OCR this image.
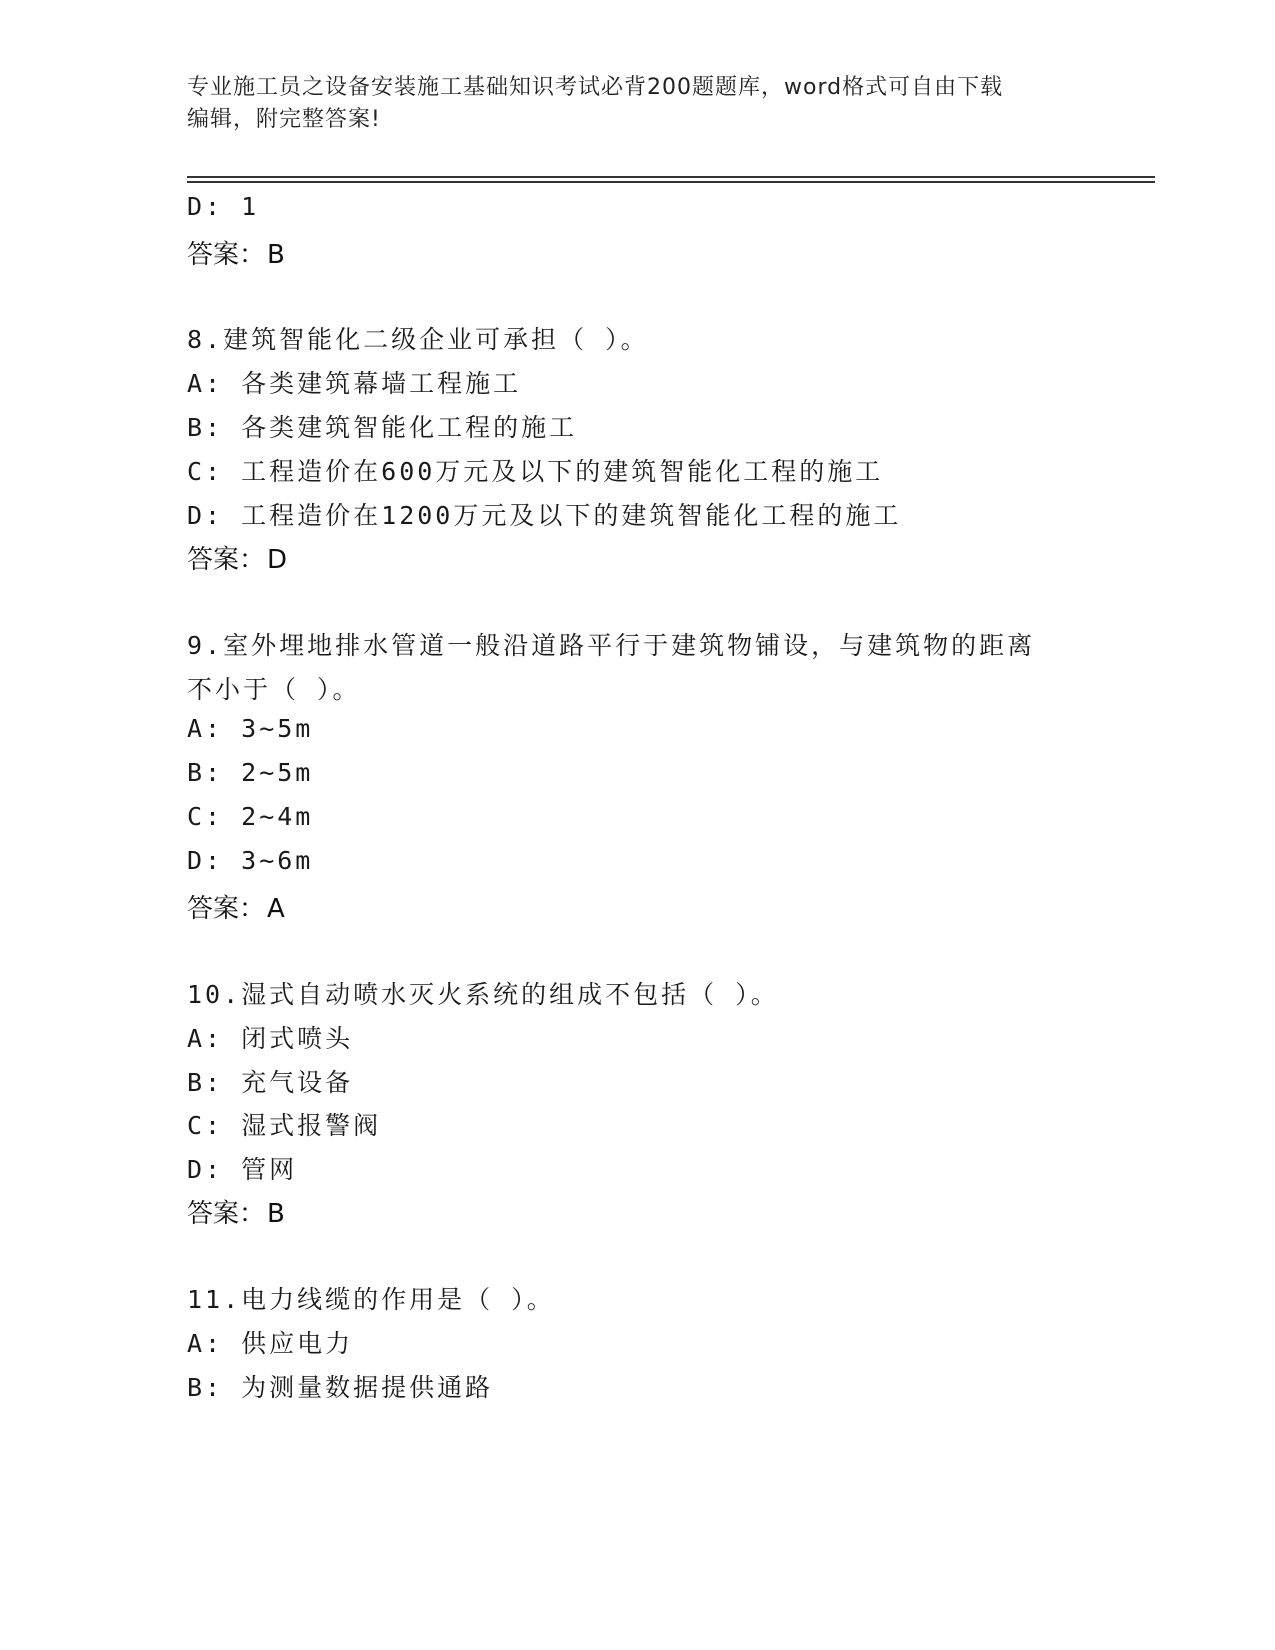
专业施工员之设备安装施工基础知识考试必背200题题库，word格式可自由下载
编辑，附完整答案!
D: 1
答案：B
8.建筑智能化二级企业可承担（ ）。
A: 各类建筑幕墙工程施工
B: 各类建筑智能化工程的施工
C: 工程造价在600万元及以下的建筑智能化工程的施工
D: 工程造价在1200万元及以下的建筑智能化工程的施工
答案：D
9.室外埋地排水管道一般沿道路平行于建筑物铺设，与建筑物的距离
不小于（ ）。
A: 3~5m
B: 2~5m
C: 2~4m
D: 3~6m
答案：A
10.湿式自动喷水灭火系统的组成不包括（ ）。
A: 闭式喷头
B: 充气设备
C: 湿式报警阀
D: 管网
答案：B
11.电力线缆的作用是（ ）。
A: 供应电力
B: 为测量数据提供通路
